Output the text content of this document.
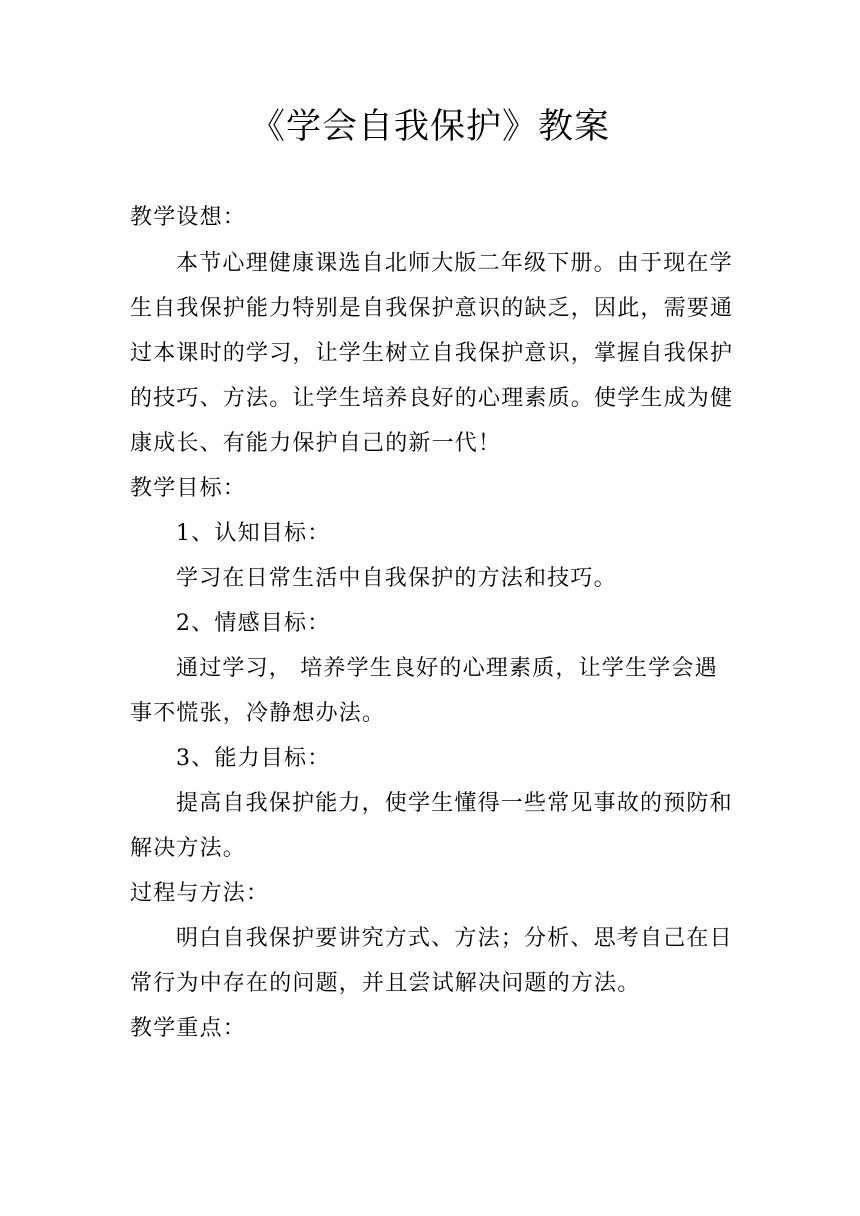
《学会自我保护》教案
教学设想：
本节心理健康课选自北师大版二年级下册。由于现在学
生自我保护能力特别是自我保护意识的缺乏，因此，需要通
过本课时的学习，让学生树立自我保护意识，掌握自我保护
的技巧、方法。让学生培养良好的心理素质。使学生成为健
康成长、有能力保护自己的新一代！
教学目标：
1、认知目标：
学习在日常生活中自我保护的方法和技巧。
2、情感目标：
通过学习， 培养学生良好的心理素质，让学生学会遇
事不慌张，冷静想办法。
3、能力目标：
提高自我保护能力，使学生懂得一些常见事故的预防和
解决方法。
过程与方法：
明白自我保护要讲究方式、方法；分析、思考自己在日
常行为中存在的问题，并且尝试解决问题的方法。
教学重点：
